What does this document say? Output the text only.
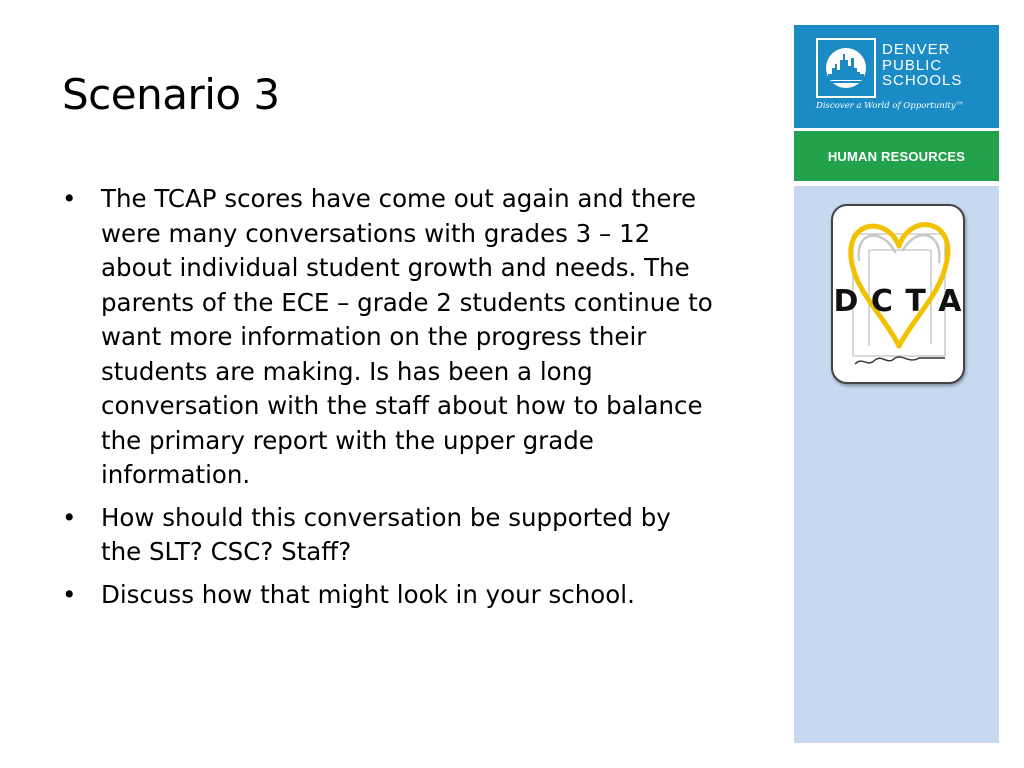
Scenario 3
• The TCAP scores have come out again and there were many conversations with grades 3 – 12 about individual student growth and needs. The parents of the ECE – grade 2 students continue to want more information on the progress their students are making. Is has been a long conversation with the staff about how to balance the primary report with the upper grade information.
• How should this conversation be supported by the SLT? CSC? Staff?
• Discuss how that might look in your school.
DENVER
PUBLIC
SCHOOLS
Discover a World of Opportunity™
HUMAN RESOURCES
D C T A
